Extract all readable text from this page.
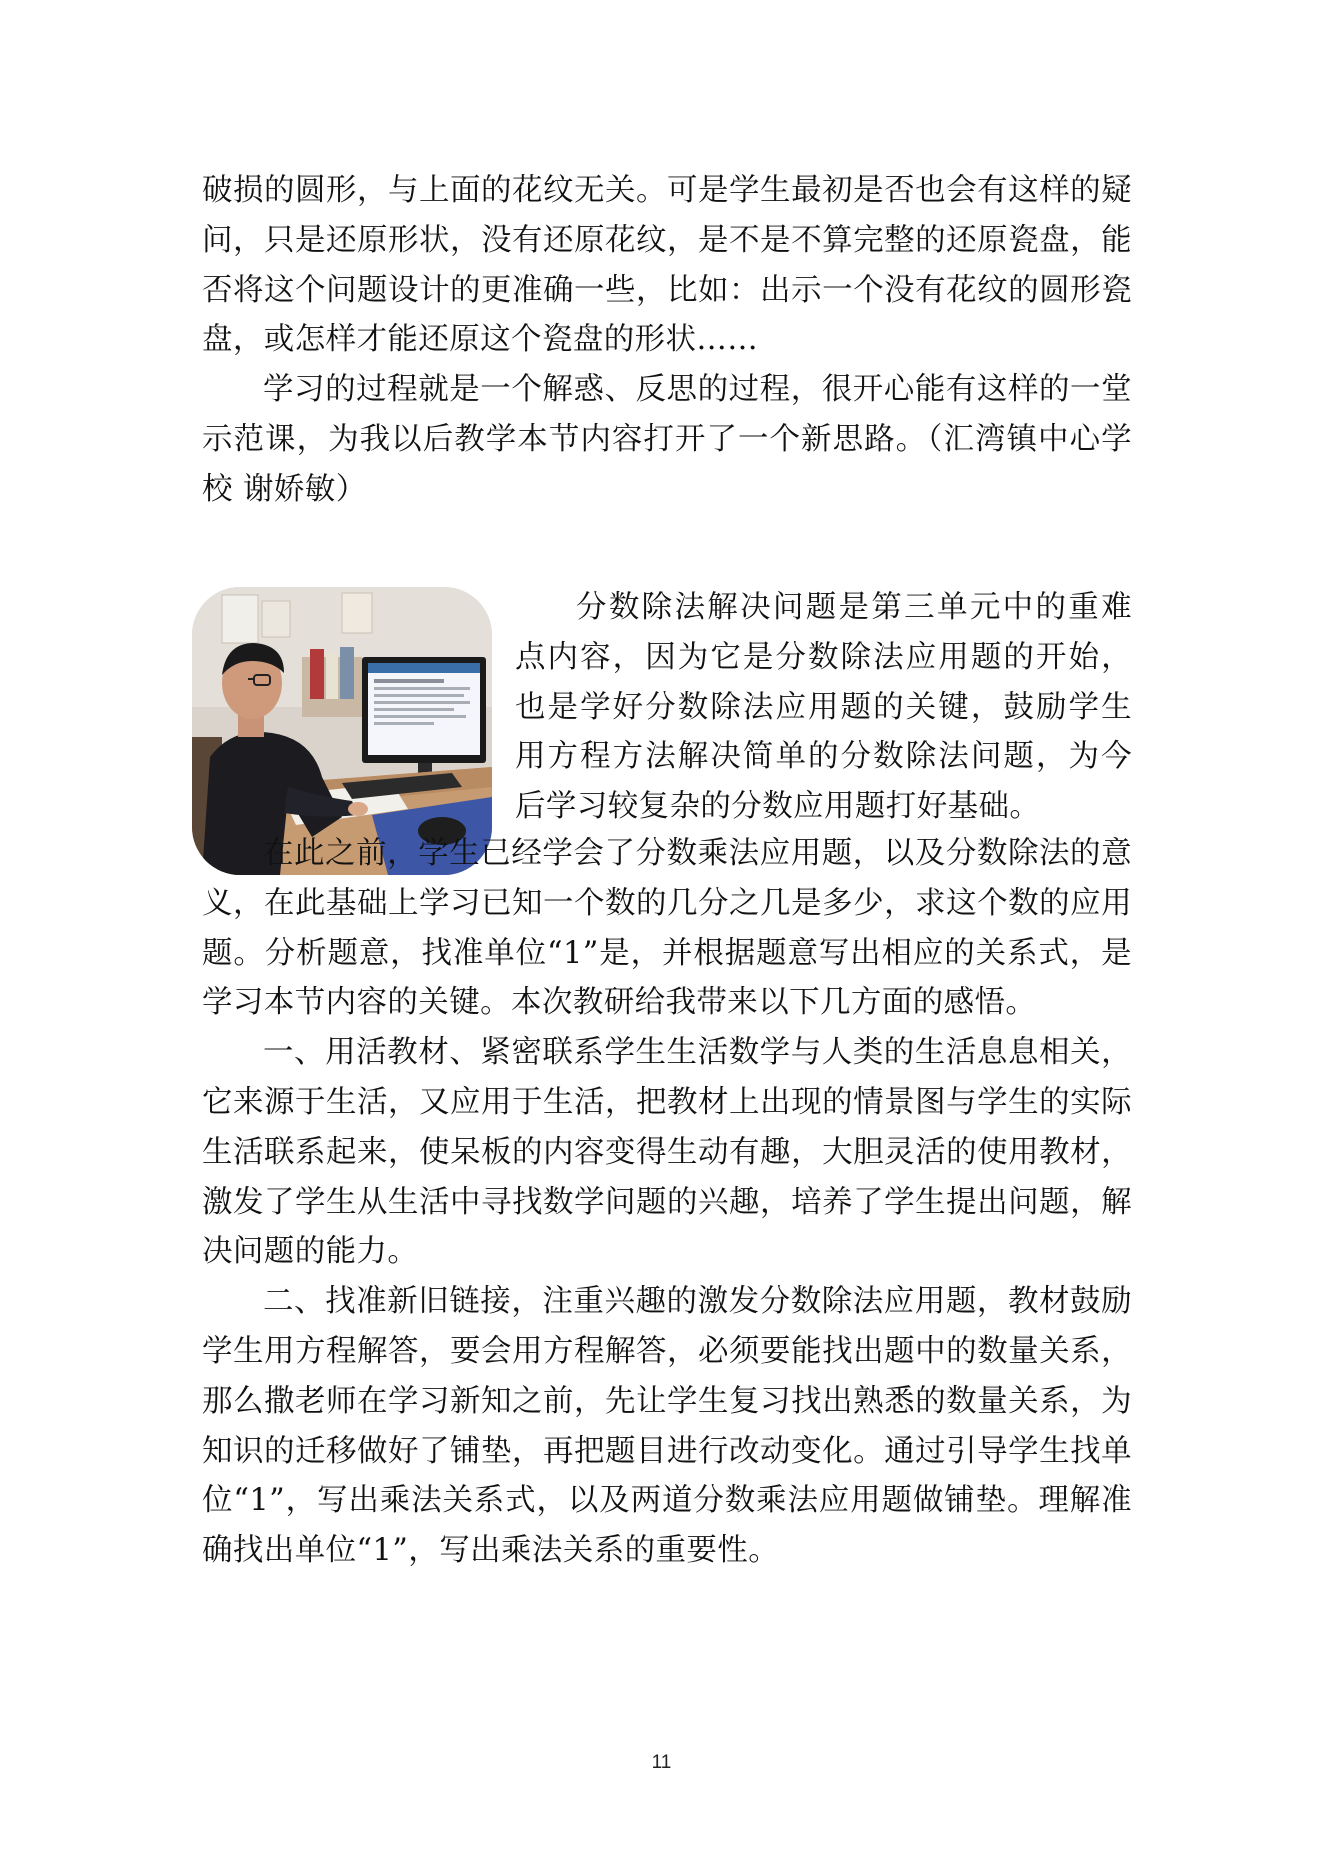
破损的圆形，与上面的花纹无关。可是学生最初是否也会有这样的疑问，只是还原形状，没有还原花纹，是不是不算完整的还原瓷盘，能否将这个问题设计的更准确一些，比如：出示一个没有花纹的圆形瓷盘，或怎样才能还原这个瓷盘的形状……

学习的过程就是一个解惑、反思的过程，很开心能有这样的一堂示范课，为我以后教学本节内容打开了一个新思路。（汇湾镇中心学校 谢娇敏）

分数除法解决问题是第三单元中的重难点内容，因为它是分数除法应用题的开始，也是学好分数除法应用题的关键，鼓励学生用方程方法解决简单的分数除法问题，为今后学习较复杂的分数应用题打好基础。

在此之前，学生已经学会了分数乘法应用题，以及分数除法的意义，在此基础上学习已知一个数的几分之几是多少，求这个数的应用题。分析题意，找准单位“1”是，并根据题意写出相应的关系式，是学习本节内容的关键。本次教研给我带来以下几方面的感悟。

一、用活教材、紧密联系学生生活数学与人类的生活息息相关，它来源于生活，又应用于生活，把教材上出现的情景图与学生的实际生活联系起来，使呆板的内容变得生动有趣，大胆灵活的使用教材，激发了学生从生活中寻找数学问题的兴趣，培养了学生提出问题，解决问题的能力。

二、找准新旧链接，注重兴趣的激发分数除法应用题，教材鼓励学生用方程解答，要会用方程解答，必须要能找出题中的数量关系，那么撒老师在学习新知之前，先让学生复习找出熟悉的数量关系，为知识的迁移做好了铺垫，再把题目进行改动变化。通过引导学生找单位“1”，写出乘法关系式，以及两道分数乘法应用题做铺垫。理解准确找出单位“1”，写出乘法关系的重要性。

11
